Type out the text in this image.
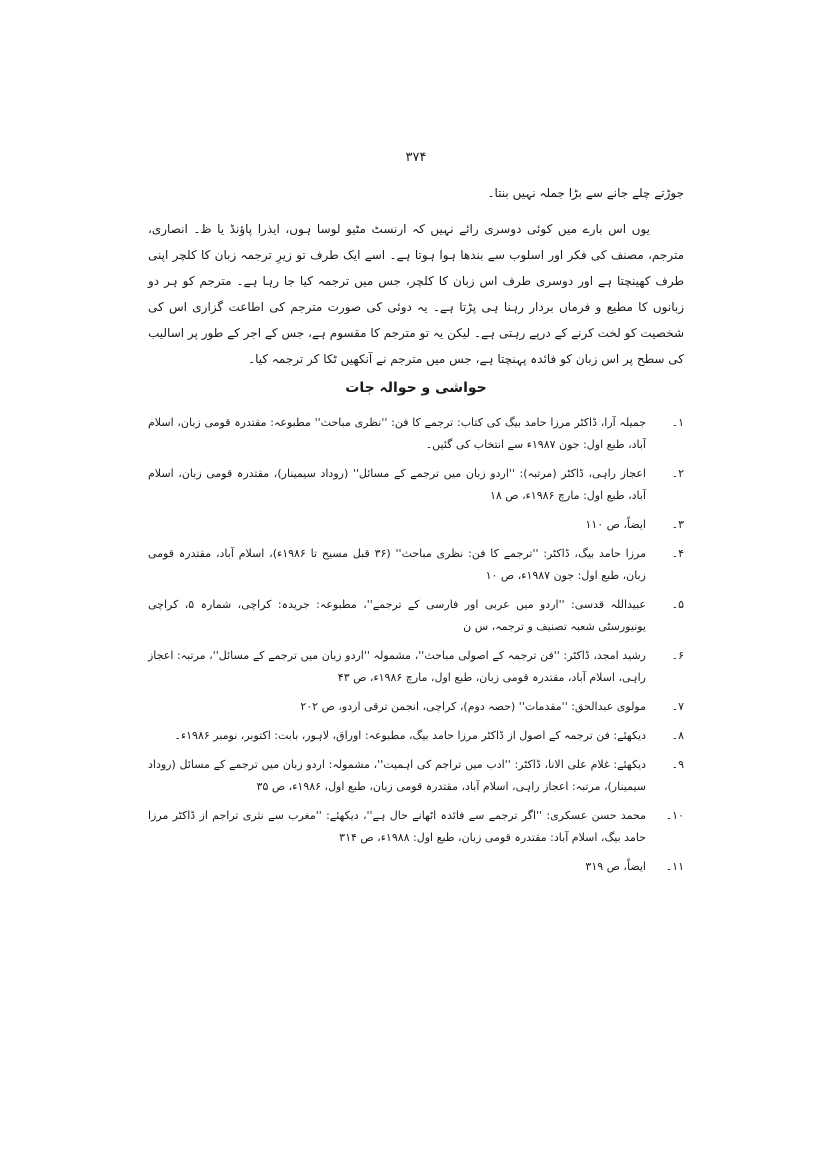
۳۷۴

جوڑتے چلے جانے سے بڑا جملہ نہیں بنتا۔

یوں اس بارے میں کوئی دوسری رائے نہیں کہ ارنسٹ مٹیو لوسا ہوں، ایذرا پاؤنڈ یا ظ۔ انصاری، مترجم، مصنف کی فکر اور اسلوب سے بندھا ہوا ہوتا ہے۔ اسے ایک طرف تو زیرِ ترجمہ زبان کا کلچر اپنی طرف کھینچتا ہے اور دوسری طرف اس زبان کا کلچر، جس میں ترجمہ کیا جا رہا ہے۔ مترجم کو ہر دو زبانوں کا مطیع و فرماں بردار رہنا ہی پڑتا ہے۔ یہ دوئی کی صورت مترجم کی اطاعت گزاری اس کی شخصیت کو لخت کرنے کے درپے رہتی ہے۔ لیکن یہ تو مترجم کا مقسوم ہے، جس کے اجر کے طور پر اسالیب کی سطح پر اس زبان کو فائدہ پہنچتا ہے، جس میں مترجم نے آنکھیں ٹکا کر ترجمہ کیا۔

حواشی و حوالہ جات
۱۔
جمیلہ آرا، ڈاکٹر مرزا حامد بیگ کی کتاب: ترجمے کا فن: ''نظری مباحث'' مطبوعہ: مقتدرہ قومی زبان، اسلام آباد، طبع اول: جون ۱۹۸۷ء سے انتخاب کی گئیں۔
۲۔
اعجاز راہی، ڈاکٹر (مرتبہ): ''اردو زبان میں ترجمے کے مسائل'' (روداد سیمینار)، مقتدرہ قومی زبان، اسلام آباد، طبع اول: مارچ ۱۹۸۶ء، ص ۱۸
۳۔
ایضاً، ص ۱۱۰
۴۔
مرزا حامد بیگ، ڈاکٹر: ''ترجمے کا فن: نظری مباحث'' (۳۶ قبل مسیح تا ۱۹۸۶ء)، اسلام آباد، مقتدرہ قومی زبان، طبع اول: جون ۱۹۸۷ء، ص ۱۰
۵۔
عبیداللہ قدسی: ''اردو میں عربی اور فارسی کے ترجمے''، مطبوعہ: جریدہ: کراچی، شمارہ ۵، کراچی یونیورسٹی شعبہ تصنیف و ترجمہ، س ن
۶۔
رشید امجد، ڈاکٹر: ''فن ترجمہ کے اصولی مباحث''، مشمولہ ''اردو زبان میں ترجمے کے مسائل''، مرتبہ: اعجاز راہی، اسلام آباد، مقتدرہ قومی زبان، طبع اول، مارچ ۱۹۸۶ء، ص ۴۳
۷۔
مولوی عبدالحق: ''مقدمات'' (حصہ دوم)، کراچی، انجمن ترقی اردو، ص ۲۰۲
۸۔
دیکھئے: فن ترجمہ کے اصول از ڈاکٹر مرزا حامد بیگ، مطبوعہ: اوراق، لاہور، بابت: اکتوبر، نومبر ۱۹۸۶ء۔
۹۔
دیکھئے: غلام علی الانا، ڈاکٹر: ''ادب میں تراجم کی اہمیت''، مشمولہ: اردو زبان میں ترجمے کے مسائل (روداد سیمینار)، مرتبہ: اعجاز راہی، اسلام آباد، مقتدرہ قومی زبان، طبع اول، ۱۹۸۶ء، ص ۳۵
۱۰۔
محمد حسن عسکری: ''اگر ترجمے سے فائدہ اٹھانے حال ہے''، دیکھئے: ''مغرب سے نثری تراجم از ڈاکٹر مرزا حامد بیگ، اسلام آباد: مقتدرہ قومی زبان، طبع اول: ۱۹۸۸ء، ص ۳۱۴
۱۱۔
ایضاً، ص ۳۱۹
